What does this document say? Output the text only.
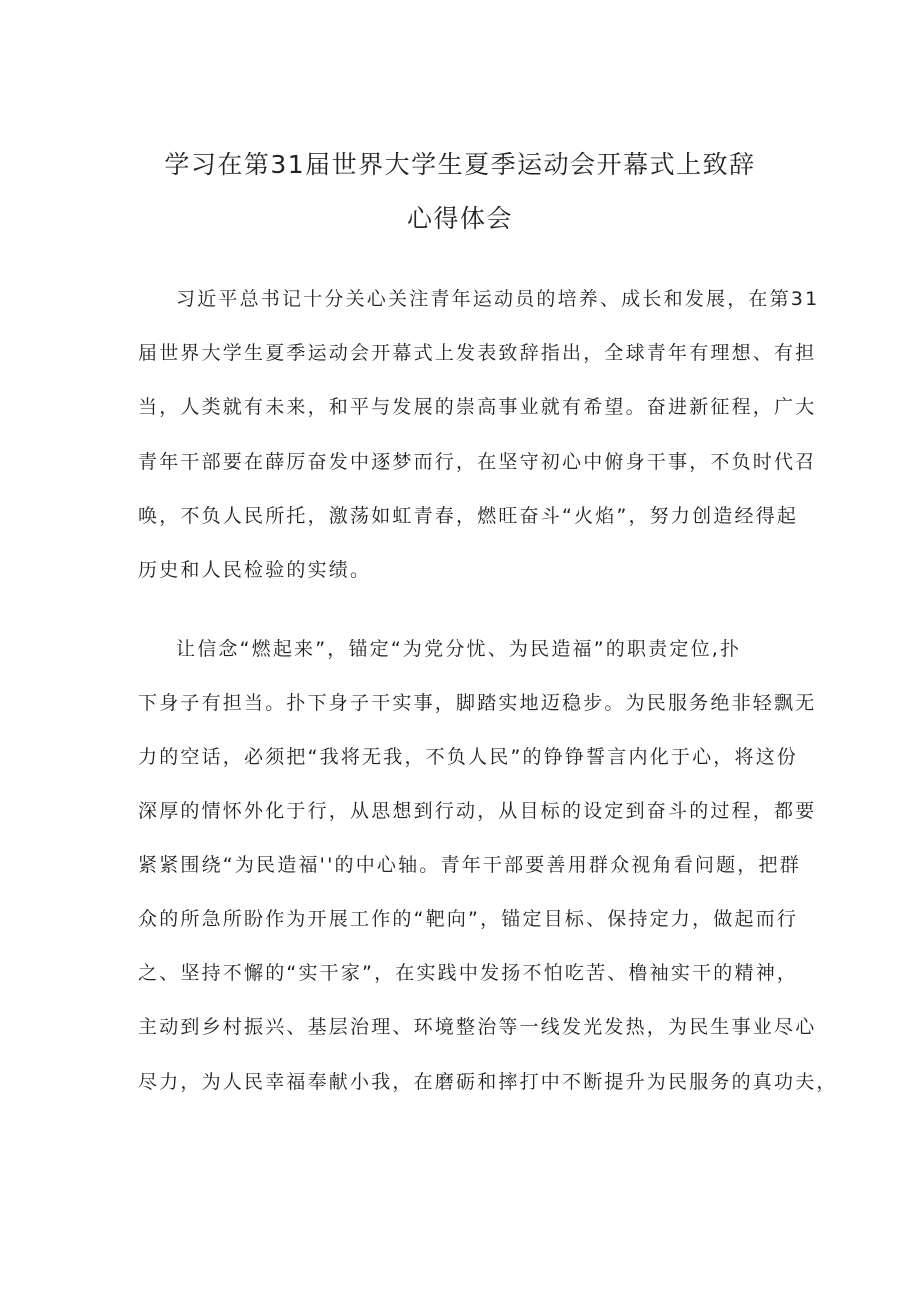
学习在第31届世界大学生夏季运动会开幕式上致辞
心得体会
习近平总书记十分关心关注青年运动员的培养、成长和发展，在第31
届世界大学生夏季运动会开幕式上发表致辞指出，全球青年有理想、有担
当，人类就有未来，和平与发展的崇高事业就有希望。奋进新征程，广大
青年干部要在薛厉奋发中逐梦而行，在坚守初心中俯身干事，不负时代召
唤，不负人民所托，激荡如虹青春，燃旺奋斗“火焰”，努力创造经得起
历史和人民检验的实绩。
让信念“燃起来”，锚定“为党分忧、为民造福”的职责定位,扑
下身子有担当。扑下身子干实事，脚踏实地迈稳步。为民服务绝非轻飘无
力的空话，必须把“我将无我，不负人民”的铮铮誓言内化于心，将这份
深厚的情怀外化于行，从思想到行动，从目标的设定到奋斗的过程，都要
紧紧围绕“为民造福''的中心轴。青年干部要善用群众视角看问题，把群
众的所急所盼作为开展工作的“靶向”，锚定目标、保持定力，做起而行
之、坚持不懈的“实干家”，在实践中发扬不怕吃苦、橹袖实干的精神，
主动到乡村振兴、基层治理、环境整治等一线发光发热，为民生事业尽心
尽力，为人民幸福奉献小我，在磨砺和摔打中不断提升为民服务的真功夫，
